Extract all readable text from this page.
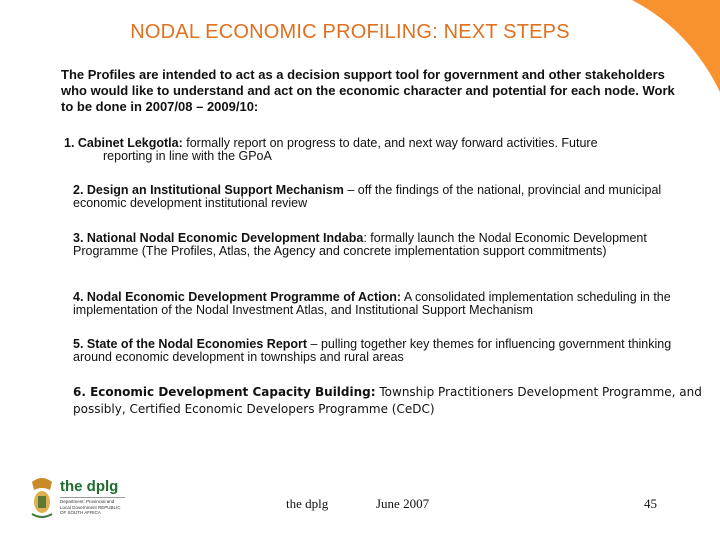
NODAL ECONOMIC PROFILING: NEXT STEPS
The Profiles are intended to act as a decision support tool for government and other stakeholders who would like to understand and act on the economic character and potential for each node. Work to be done in 2007/08 – 2009/10:
1. Cabinet Lekgotla: formally report on progress to date, and next way forward activities. Future
reporting in line with the GPoA
2. Design an Institutional Support Mechanism – off the findings of the national, provincial and municipal economic development institutional review
3. National Nodal Economic Development Indaba: formally launch the Nodal Economic Development Programme (The Profiles, Atlas, the Agency and concrete implementation support commitments)
4. Nodal Economic Development Programme of Action: A consolidated implementation scheduling in the implementation of the Nodal Investment Atlas, and Institutional Support Mechanism
5. State of the Nodal Economies Report – pulling together key themes for influencing government thinking around economic development in townships and rural areas
6. Economic Development Capacity Building: Township Practitioners Development Programme, and possibly, Certified Economic Developers Programme (CeDC)
the dplg
Department: Provincial and Local Government REPUBLIC OF SOUTH AFRICA
the dplg	June 2007	45
